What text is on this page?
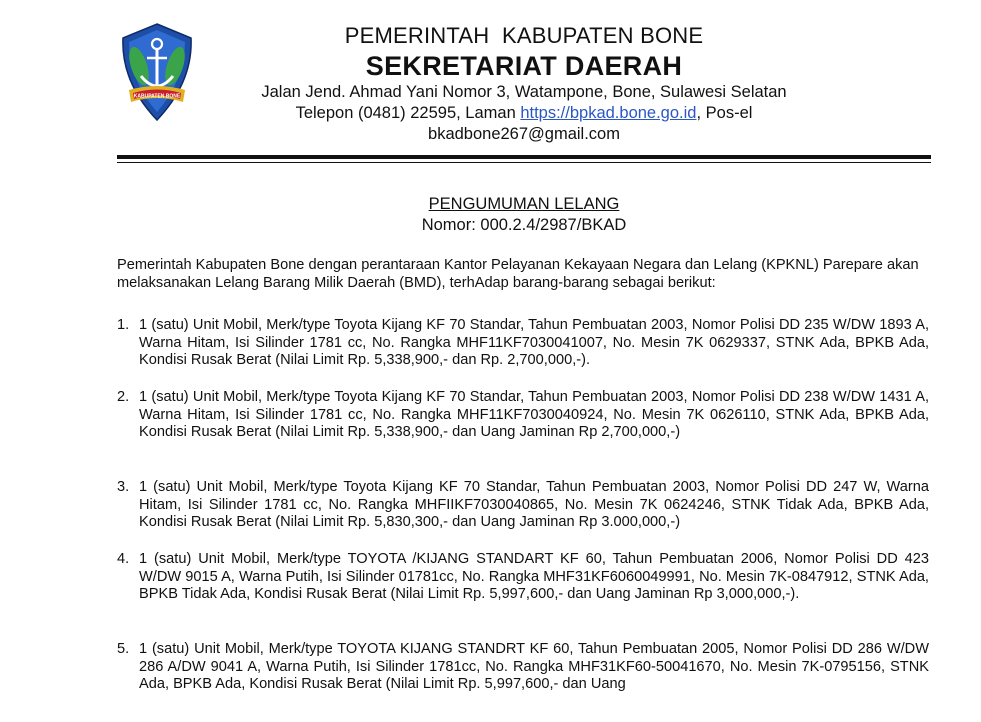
KABUPATEN BONE
PEMERINTAH  KABUPATEN BONE
SEKRETARIAT DAERAH
Jalan Jend. Ahmad Yani Nomor 3, Watampone, Bone, Sulawesi Selatan
Telepon (0481) 22595, Laman https://bpkad.bone.go.id, Pos-el
bkadbone267@gmail.com
PENGUMUMAN LELANG
Nomor: 000.2.4/2987/BKAD
Pemerintah Kabupaten Bone dengan perantaraan Kantor Pelayanan Kekayaan Negara dan Lelang (KPKNL) Parepare akan melaksanakan Lelang Barang Milik Daerah (BMD), terhAdap barang-barang sebagai berikut:
1. 1 (satu) Unit Mobil, Merk/type Toyota Kijang KF 70 Standar, Tahun Pembuatan 2003, Nomor Polisi DD 235 W/DW 1893 A, Warna Hitam, Isi Silinder 1781 cc, No. Rangka MHF11KF7030041007, No. Mesin 7K 0629337, STNK Ada, BPKB Ada, Kondisi Rusak Berat (Nilai Limit Rp. 5,338,900,- dan Rp. 2,700,000,-).
2. 1 (satu) Unit Mobil, Merk/type Toyota Kijang KF 70 Standar, Tahun Pembuatan 2003, Nomor Polisi DD 238 W/DW 1431 A, Warna Hitam, Isi Silinder 1781 cc, No. Rangka MHF11KF7030040924, No. Mesin 7K 0626110, STNK Ada, BPKB Ada, Kondisi Rusak Berat (Nilai Limit Rp. 5,338,900,- dan Uang Jaminan Rp 2,700,000,-)
3. 1 (satu) Unit Mobil, Merk/type Toyota Kijang KF 70 Standar, Tahun Pembuatan 2003, Nomor Polisi DD 247 W, Warna Hitam, Isi Silinder 1781 cc, No. Rangka MHFIIKF7030040865, No. Mesin 7K 0624246, STNK Tidak Ada, BPKB Ada, Kondisi Rusak Berat (Nilai Limit Rp. 5,830,300,- dan Uang Jaminan Rp 3.000,000,-)
4. 1 (satu) Unit Mobil, Merk/type TOYOTA /KIJANG STANDART KF 60, Tahun Pembuatan 2006, Nomor Polisi DD 423 W/DW 9015 A, Warna Putih, Isi Silinder 01781cc, No. Rangka MHF31KF6060049991, No. Mesin 7K-0847912, STNK Ada, BPKB Tidak Ada, Kondisi Rusak Berat (Nilai Limit Rp. 5,997,600,- dan Uang Jaminan Rp 3,000,000,-).
5. 1 (satu) Unit Mobil, Merk/type TOYOTA KIJANG STANDRT KF 60, Tahun Pembuatan 2005, Nomor Polisi DD 286 W/DW 286 A/DW 9041 A, Warna Putih, Isi Silinder 1781cc, No. Rangka MHF31KF60-50041670, No. Mesin 7K-0795156, STNK Ada, BPKB Ada, Kondisi Rusak Berat (Nilai Limit Rp. 5,997,600,- dan Uang
